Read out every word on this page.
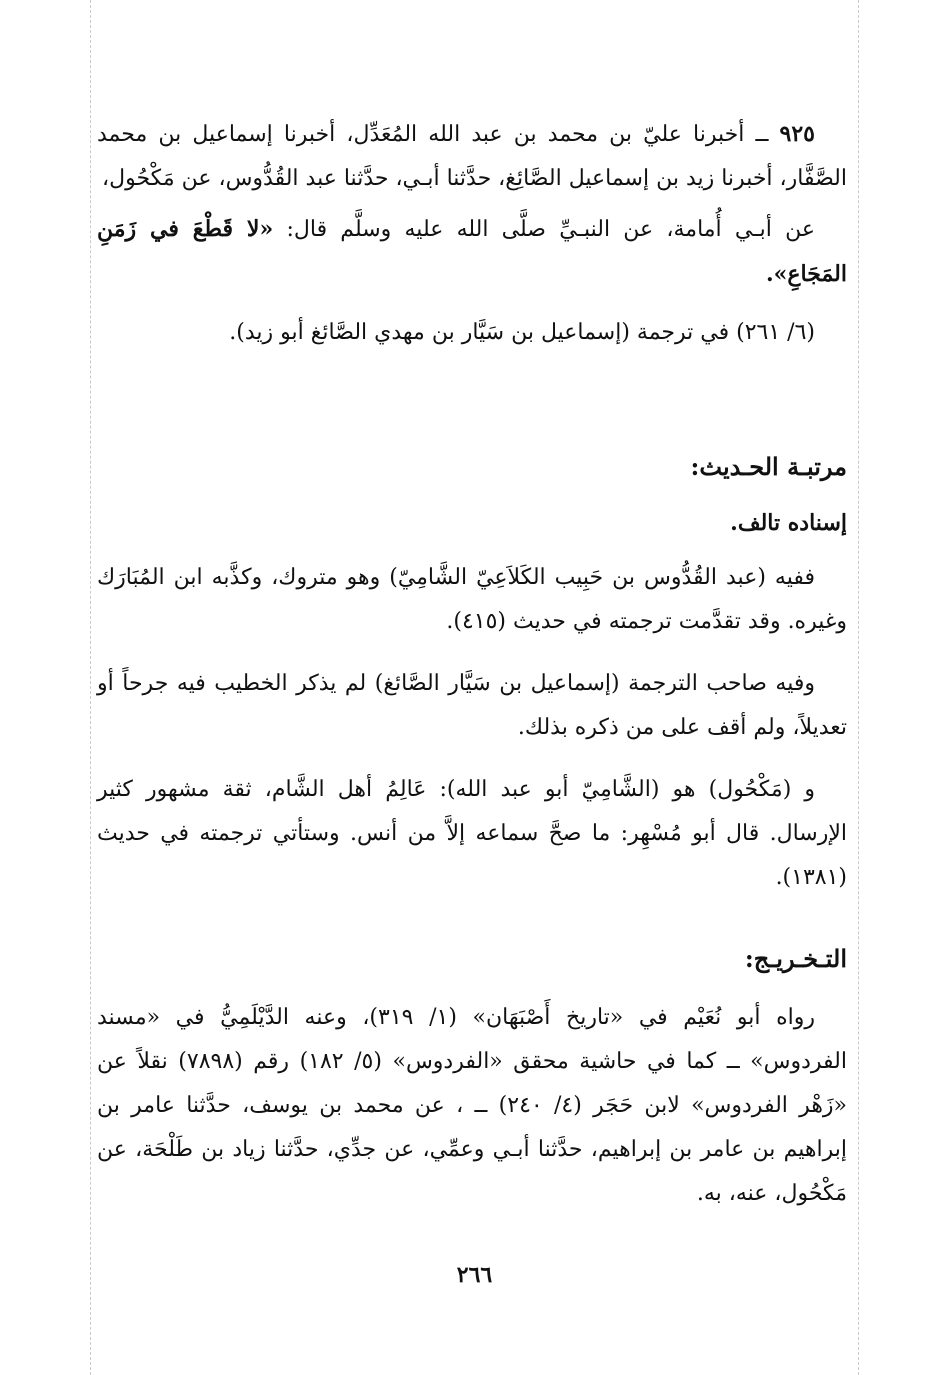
٩٢٥ ــ أخبرنا عليّ بن محمد بن عبد الله المُعَدِّل، أخبرنا إسماعيل بن محمد الصَّفَّار، أخبرنا زيد بن إسماعيل الصَّائِغ، حدَّثنا أبـي، حدَّثنا عبد القُدُّوس، عن مَكْحُول،

عن أبـي أُمامة، عن النبـيِّ صلَّى الله عليه وسلَّم قال: «لا قَطْعَ في زَمَنِ المَجَاعِ».

(٦/ ٢٦١) في ترجمة (إسماعيل بن سَيَّار بن مهدي الصَّائغ أبو زيد).

مرتبـة الحـديث:
إسناده تالف.

ففيه (عبد القُدُّوس بن حَبِيب الكَلاَعِيّ الشَّامِيّ) وهو متروك، وكذَّبه ابن المُبَارَك وغيره. وقد تقدَّمت ترجمته في حديث (٤١٥).

وفيه صاحب الترجمة (إسماعيل بن سَيَّار الصَّائغ) لم يذكر الخطيب فيه جرحاً أو تعديلاً، ولم أقف على من ذكره بذلك.

و (مَكْحُول) هو (الشَّامِيّ أبو عبد الله): عَالِمُ أهل الشَّام، ثقة مشهور كثير الإرسال. قال أبو مُسْهِر: ما صحَّ سماعه إلاَّ من أنس. وستأتي ترجمته في حديث (١٣٨١).

التـخـريـج:

رواه أبو نُعَيْم في «تاريخ أَصْبَهَان» (١/ ٣١٩)، وعنه الدَّيْلَمِيُّ في «مسند الفردوس» ــ كما في حاشية محقق «الفردوس» (٥/ ١٨٢) رقم (٧٨٩٨) نقلاً عن «زَهْر الفردوس» لابن حَجَر (٤/ ٢٤٠) ــ ، عن محمد بن يوسف، حدَّثنا عامر بن إبراهيم بن عامر بن إبراهيم، حدَّثنا أبـي وعمِّي، عن جدِّي، حدَّثنا زياد بن طَلْحَة، عن مَكْحُول، عنه، به.

٢٦٦
